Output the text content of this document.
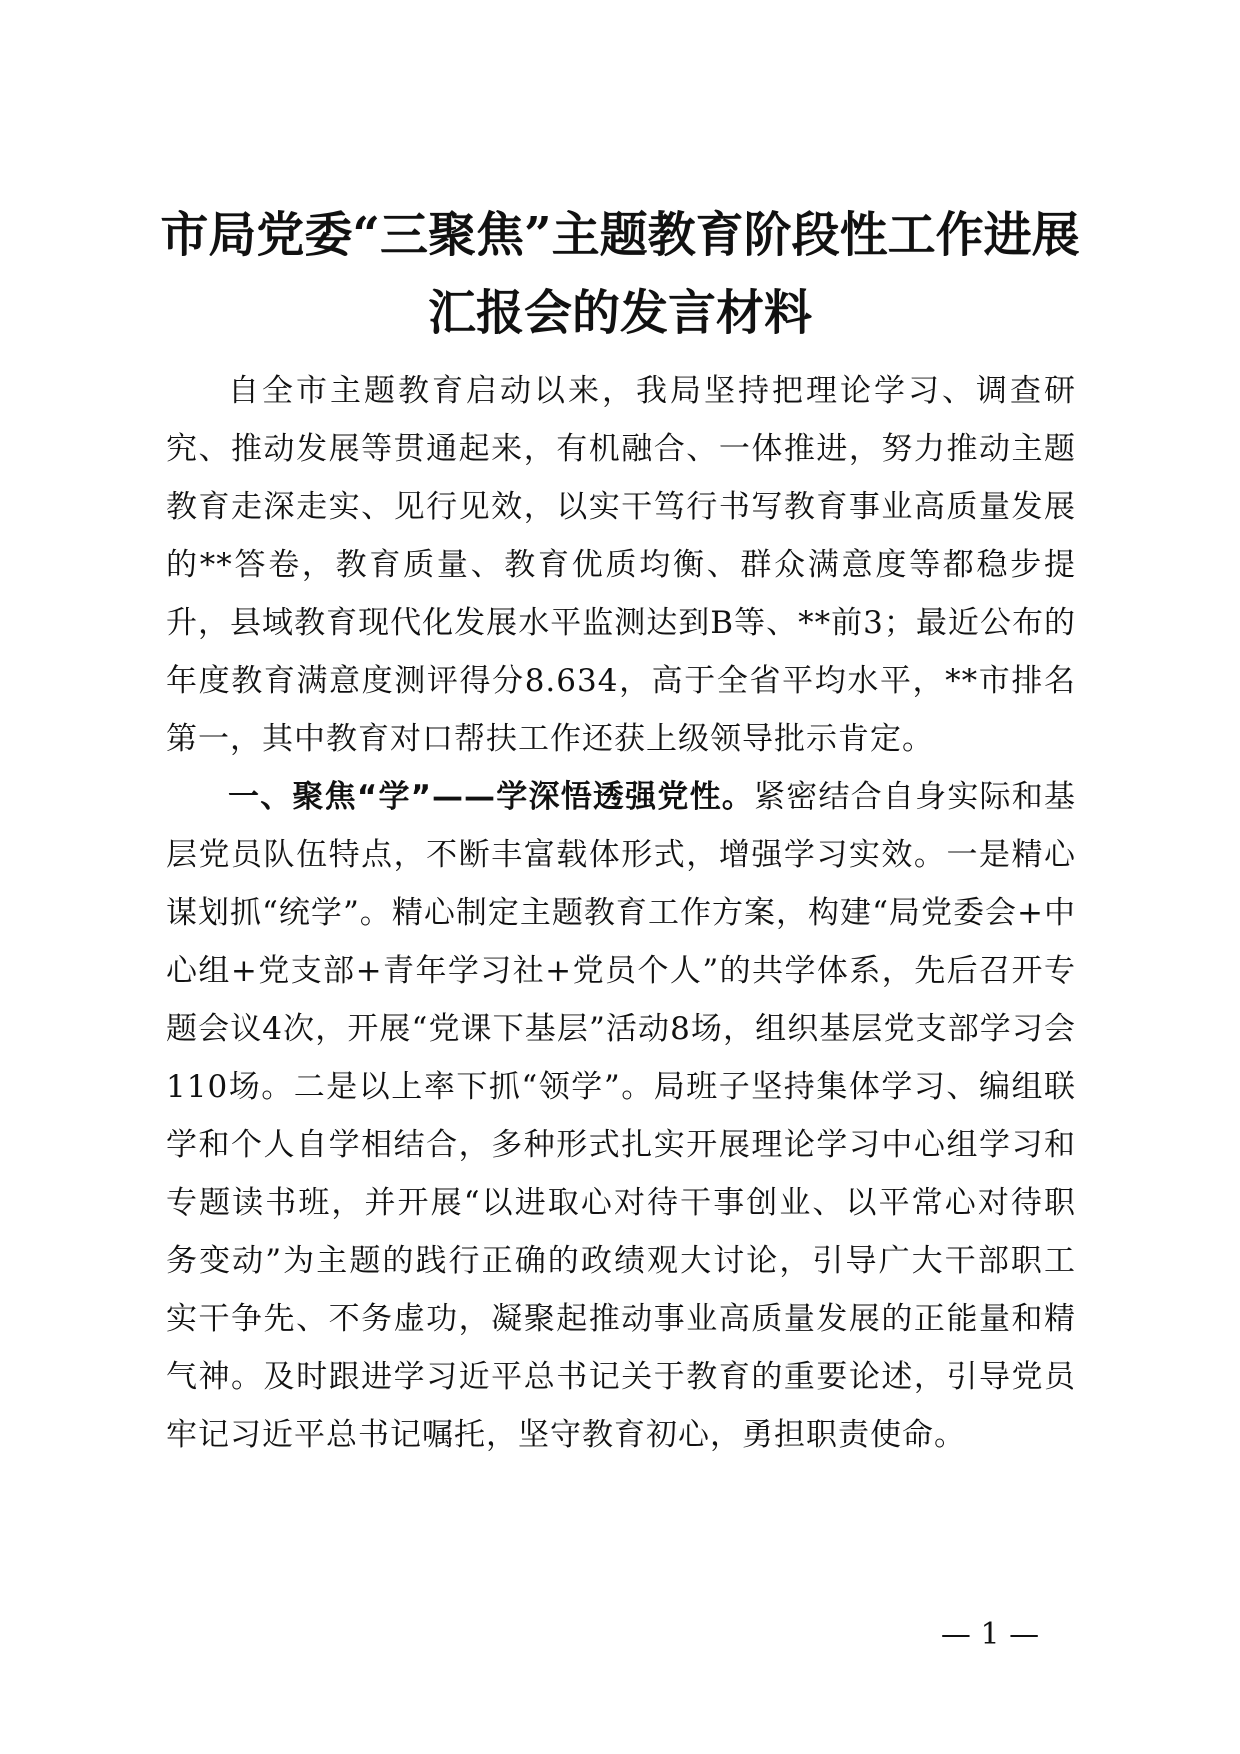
市局党委“三聚焦”主题教育阶段性工作进展汇报会的发言材料

自全市主题教育启动以来，我局坚持把理论学习、调查研究、推动发展等贯通起来，有机融合、一体推进，努力推动主题教育走深走实、见行见效，以实干笃行书写教育事业高质量发展的**答卷，教育质量、教育优质均衡、群众满意度等都稳步提升，县域教育现代化发展水平监测达到B等、**前3；最近公布的年度教育满意度测评得分8.634，高于全省平均水平，**市排名第一，其中教育对口帮扶工作还获上级领导批示肯定。

一、聚焦“学”——学深悟透强党性。紧密结合自身实际和基层党员队伍特点，不断丰富载体形式，增强学习实效。一是精心谋划抓“统学”。精心制定主题教育工作方案，构建“局党委会+中心组+党支部+青年学习社+党员个人”的共学体系，先后召开专题会议4次，开展“党课下基层”活动8场，组织基层党支部学习会110场。二是以上率下抓“领学”。局班子坚持集体学习、编组联学和个人自学相结合，多种形式扎实开展理论学习中心组学习和专题读书班，并开展“以进取心对待干事创业、以平常心对待职务变动”为主题的践行正确的政绩观大讨论，引导广大干部职工实干争先、不务虚功，凝聚起推动事业高质量发展的正能量和精气神。及时跟进学习近平总书记关于教育的重要论述，引导党员牢记习近平总书记嘱托，坚守教育初心，勇担职责使命。

— 1 —
